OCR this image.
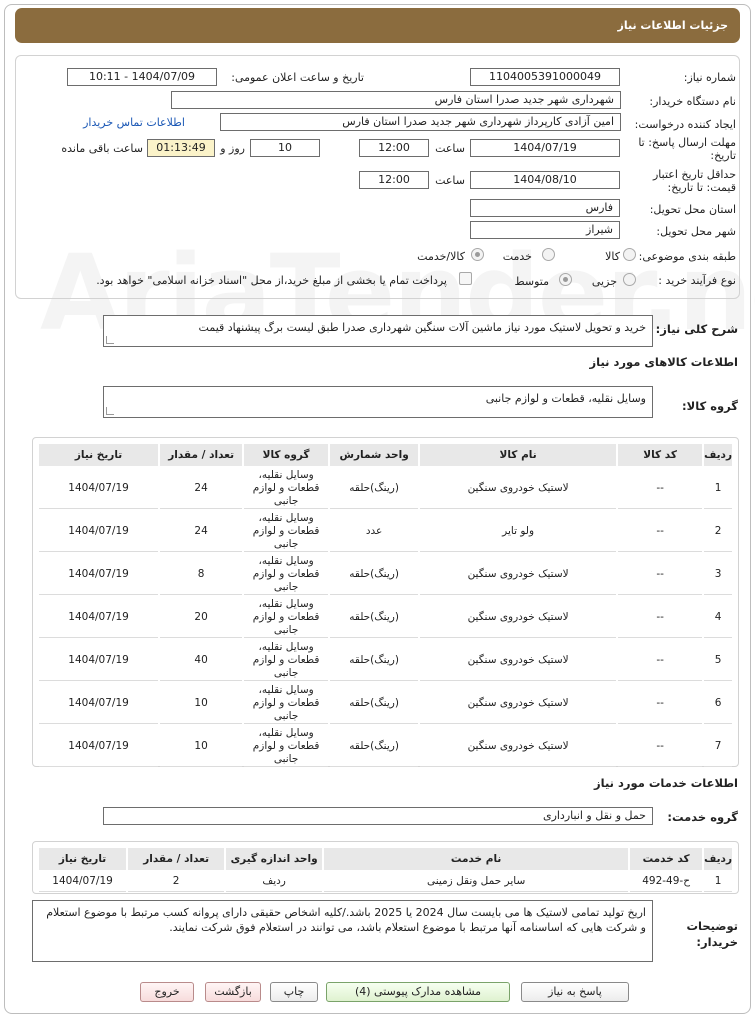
جزئیات اطلاعات نیاز
شماره نیاز:
1104005391000049
تاریخ و ساعت اعلان عمومی:
1404/07/09 - 10:11
نام دستگاه خریدار:
شهرداری شهر جدید صدرا استان فارس
ایجاد کننده درخواست:
امین آزادی کارپرداز شهرداری شهر جدید صدرا استان فارس
اطلاعات تماس خریدار
مهلت ارسال پاسخ: تا تاریخ:
1404/07/19
ساعت
12:00
10
روز و
01:13:49
ساعت باقی مانده
حداقل تاریخ اعتبار قیمت: تا تاریخ:
1404/08/10
ساعت
12:00
استان محل تحویل:
فارس
شهر محل تحویل:
شیراز
طبقه بندی موضوعی:
کالا
خدمت
کالا/خدمت
نوع فرآیند خرید :
جزیی
متوسط
پرداخت تمام یا بخشی از مبلغ خرید،از محل "اسناد خزانه اسلامی" خواهد بود.
شرح کلی نیاز:
خرید و تحویل لاستیک مورد نیاز ماشین آلات سنگین شهرداری صدرا طبق لیست برگ پیشنهاد قیمت
اطلاعات کالاهای مورد نیاز
گروه کالا:
وسایل نقلیه، قطعات و لوازم جانبی
ردیف	کد کالا	نام کالا	واحد شمارش	گروه کالا	تعداد / مقدار	تاریخ نیاز
1	--	لاستیک خودروی سنگین	(رینگ)حلقه	وسایل نقلیه، قطعات و لوازم جانبی	24	1404/07/19
2	--	ولو تایر	عدد	وسایل نقلیه، قطعات و لوازم جانبی	24	1404/07/19
3	--	لاستیک خودروی سنگین	(رینگ)حلقه	وسایل نقلیه، قطعات و لوازم جانبی	8	1404/07/19
4	--	لاستیک خودروی سنگین	(رینگ)حلقه	وسایل نقلیه، قطعات و لوازم جانبی	20	1404/07/19
5	--	لاستیک خودروی سنگین	(رینگ)حلقه	وسایل نقلیه، قطعات و لوازم جانبی	40	1404/07/19
6	--	لاستیک خودروی سنگین	(رینگ)حلقه	وسایل نقلیه، قطعات و لوازم جانبی	10	1404/07/19
7	--	لاستیک خودروی سنگین	(رینگ)حلقه	وسایل نقلیه، قطعات و لوازم جانبی	10	1404/07/19
اطلاعات خدمات مورد نیاز
گروه خدمت:
حمل و نقل و انبارداری
ردیف	کد خدمت	نام خدمت	واحد اندازه گیری	تعداد / مقدار	تاریخ نیاز
1	ح-49-492	سایر حمل ونقل زمینی	ردیف	2	1404/07/19
توضیحات خریدار:
اریخ تولید تمامی لاستیک ها می بایست سال 2024 یا 2025 باشد./کلیه اشخاص حقیقی دارای پروانه کسب مرتبط با موضوع استعلام و شرکت هایی که اساسنامه آنها مرتبط با موضوع استعلام باشد، می توانند در استعلام فوق شرکت نمایند.
پاسخ به نیاز
مشاهده مدارک پیوستی (4)
چاپ
بازگشت
خروج
